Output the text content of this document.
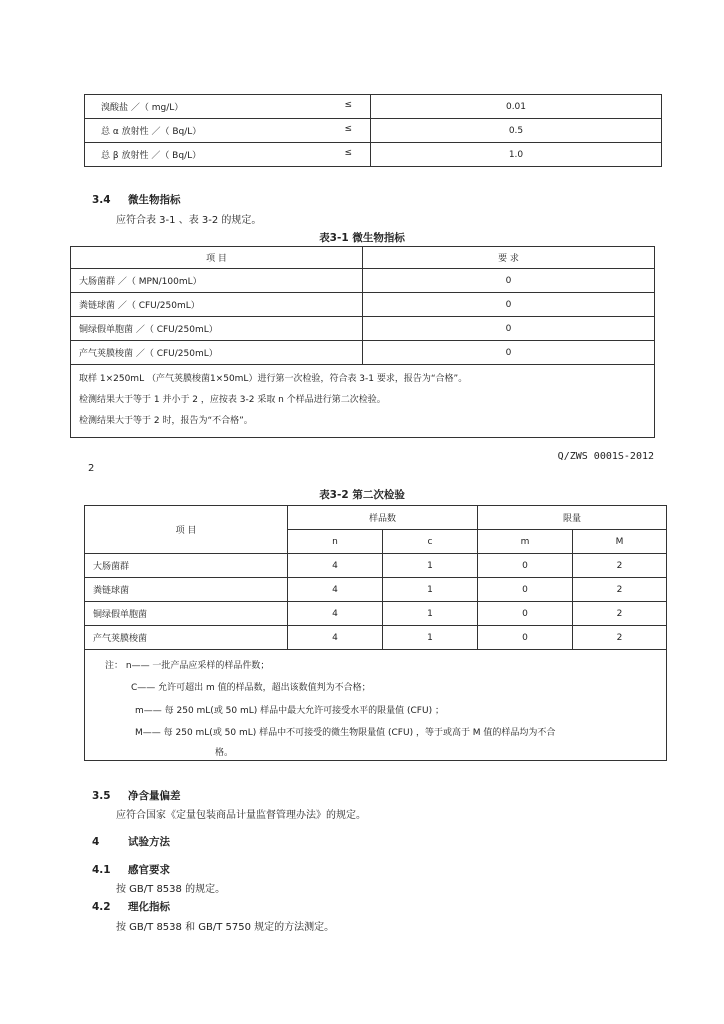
溴酸盐 ／（ mg/L） ≤		0.01
总 α 放射性 ／（ Bq/L） ≤		0.5
总 β 放射性 ／（ Bq/L） ≤		1.0
3.4 微生物指标
应符合表 3-1 、表 3-2 的规定。
表3-1 微生物指标
项 目	要 求
大肠菌群 ／（ MPN/100mL）	0
粪链球菌 ／（ CFU/250mL）	0
铜绿假单胞菌 ／（ CFU/250mL）	0
产气荚膜梭菌 ／（ CFU/250mL）	0

取样 1×250mL （产气荚膜梭菌1×50mL）进行第一次检验，符合表 3-1 要求，报告为“合格”。
检测结果大于等于 1 并小于 2 ，应按表 3-2 采取 n 个样品进行第二次检验。
检测结果大于等于 2 时，报告为“不合格”。	
Q/ZWS 0001S-2012
2
表3-2 第二次检验
项 目	样品数		限量	
	n	c	m	M
大肠菌群	4	1	0	2
粪链球菌	4	1	0	2
铜绿假单胞菌	4	1	0	2
产气荚膜梭菌	4	1	0	2

注： n—— 一批产品应采样的样品件数；
C—— 允许可超出 m 值的样品数，超出该数值判为不合格；
m—— 每 250 mL(或 50 mL) 样品中最大允许可接受水平的限量值 (CFU) ；
M—— 每 250 mL(或 50 mL) 样品中不可接受的微生物限量值 (CFU) ，等于或高于 M 值的样品均为不合
格。				
3.5 净含量偏差
应符合国家《定量包装商品计量监督管理办法》的规定。
4	试验方法
4.1 感官要求
按 GB/T 8538 的规定。
4.2 理化指标
按 GB/T 8538 和 GB/T 5750 规定的方法测定。
